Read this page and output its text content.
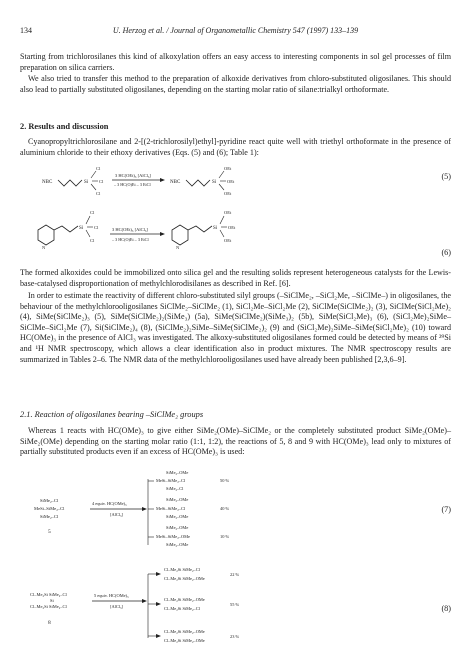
134	U. Herzog et al. / Journal of Organometallic Chemistry 547 (1997) 133–139

Starting from trichlorosilanes this kind of alkoxylation offers an easy access to interesting components in sol gel processes of film preparation on silica carriers.

We also tried to transfer this method to the preparation of alkoxide derivatives from chloro-substituted oligosilanes. This should also lead to partially substituted oligosilanes, depending on the starting molar ratio of silane:trialkyl orthoformate.

2. Results and discussion

Cyanopropyltrichlorosilane and 2-[(2-trichlorosilyl)ethyl]-pyridine react quite well with triethyl orthoformate in the presence of aluminium chloride to their ethoxy derivatives (Eqs. (5) and (6); Table 1):

NBC	Si
Cl
Cl
Cl
3 HC(OEt)₃ [AlCl₃]
– 3 HC(O)Et – 3 EtCl	NBC	Si
OEt
OEt
OEt
(5)
N
Si
Cl
Cl
Cl
3 HC(OEt)₃ [AlCl₃]
– 3 HC(O)Et – 3 EtCl
N
Si
OEt
OEt
OEt
(6)

The formed alkoxides could be immobilized onto silica gel and the resulting solids represent heterogeneous catalysts for the Lewis-base-catalysed disproportionation of methylchlorodisilanes as described in Ref. [6].

In order to estimate the reactivity of different chloro-substituted silyl groups (–SiClMe₂, –SiCl₂Me, –SiClMe–) in oligosilanes, the behaviour of the methylchlorooligosilanes SiClMe₂–SiClMe₂ (1), SiCl₂Me–SiCl₂Me (2), SiClMe(SiClMe₂)₂ (3), SiClMe(SiCl₂Me)₂ (4), SiMe(SiClMe₂)₃ (5), SiMe(SiClMe₂)₂(SiMe₃) (5a), SiMe(SiClMe₂)(SiMe₃)₂ (5b), SiMe(SiCl₂Me)₃ (6), (SiCl₂Me)₂SiMe–SiClMe–SiCl₂Me (7), Si(SiClMe₂)₄ (8), (SiClMe₂)₂SiMe–SiMe(SiClMe₂)₂ (9) and (SiCl₂Me)₂SiMe–SiMe(SiCl₂Me)₂ (10) toward HC(OMe)₃ in the presence of AlCl₃ was investigated. The alkoxy-substituted oligosilanes formed could be detected by means of ²⁹Si and ¹H NMR spectroscopy, which allows a clear identification also in product mixtures. The NMR spectroscopy results are summarized in Tables 2–6. The NMR data of the methylchlorooligosilanes used have already been published [2,3,6–9].

2.1. Reaction of oligosilanes bearing –SiClMe₂ groups

Whereas 1 reacts with HC(OMe)₃ to give either SiMe₂(OMe)–SiClMe₂ or the completely substituted product SiMe₂(OMe)–SiMe₂(OMe) depending on the starting molar ratio (1:1, 1:2), the reactions of 5, 8 and 9 with HC(OMe)₃ lead only to mixtures of partially substituted products even if an excess of HC(OMe)₃ is used:

SiMe₂–Cl
MeSi–SiMe₂–Cl
SiMe₂–Cl
5
4 equiv. HC(OMe)₃
[AlCl₃]
SiMe₂–OMe
MeSi–SiMe₂–Cl
SiMe₂–Cl
50 %
SiMe₂–OMe
MeSi–SiMe₂–Cl
SiMe₂–OMe
40 %
SiMe₂–OMe
MeSi–SiMe₂–OMe
SiMe₂–OMe
10 %
(7)
Cl–Me₂Si SiMe₂–Cl
Si
Cl–Me₂Si SiMe₂–Cl
8
5 equiv. HC(OMe)₃
[AlCl₃]
Cl–Me₂Si SiMe₂–Cl
Cl–Me₂Si SiMe₂–OMe
22 %
Cl–Me₂Si SiMe₂–OMe
Cl–Me₂Si SiMe₂–Cl
55 %
Cl–Me₂Si SiMe₂–OMe
Cl–Me₂Si SiMe₂–OMe
23 %
(8)
